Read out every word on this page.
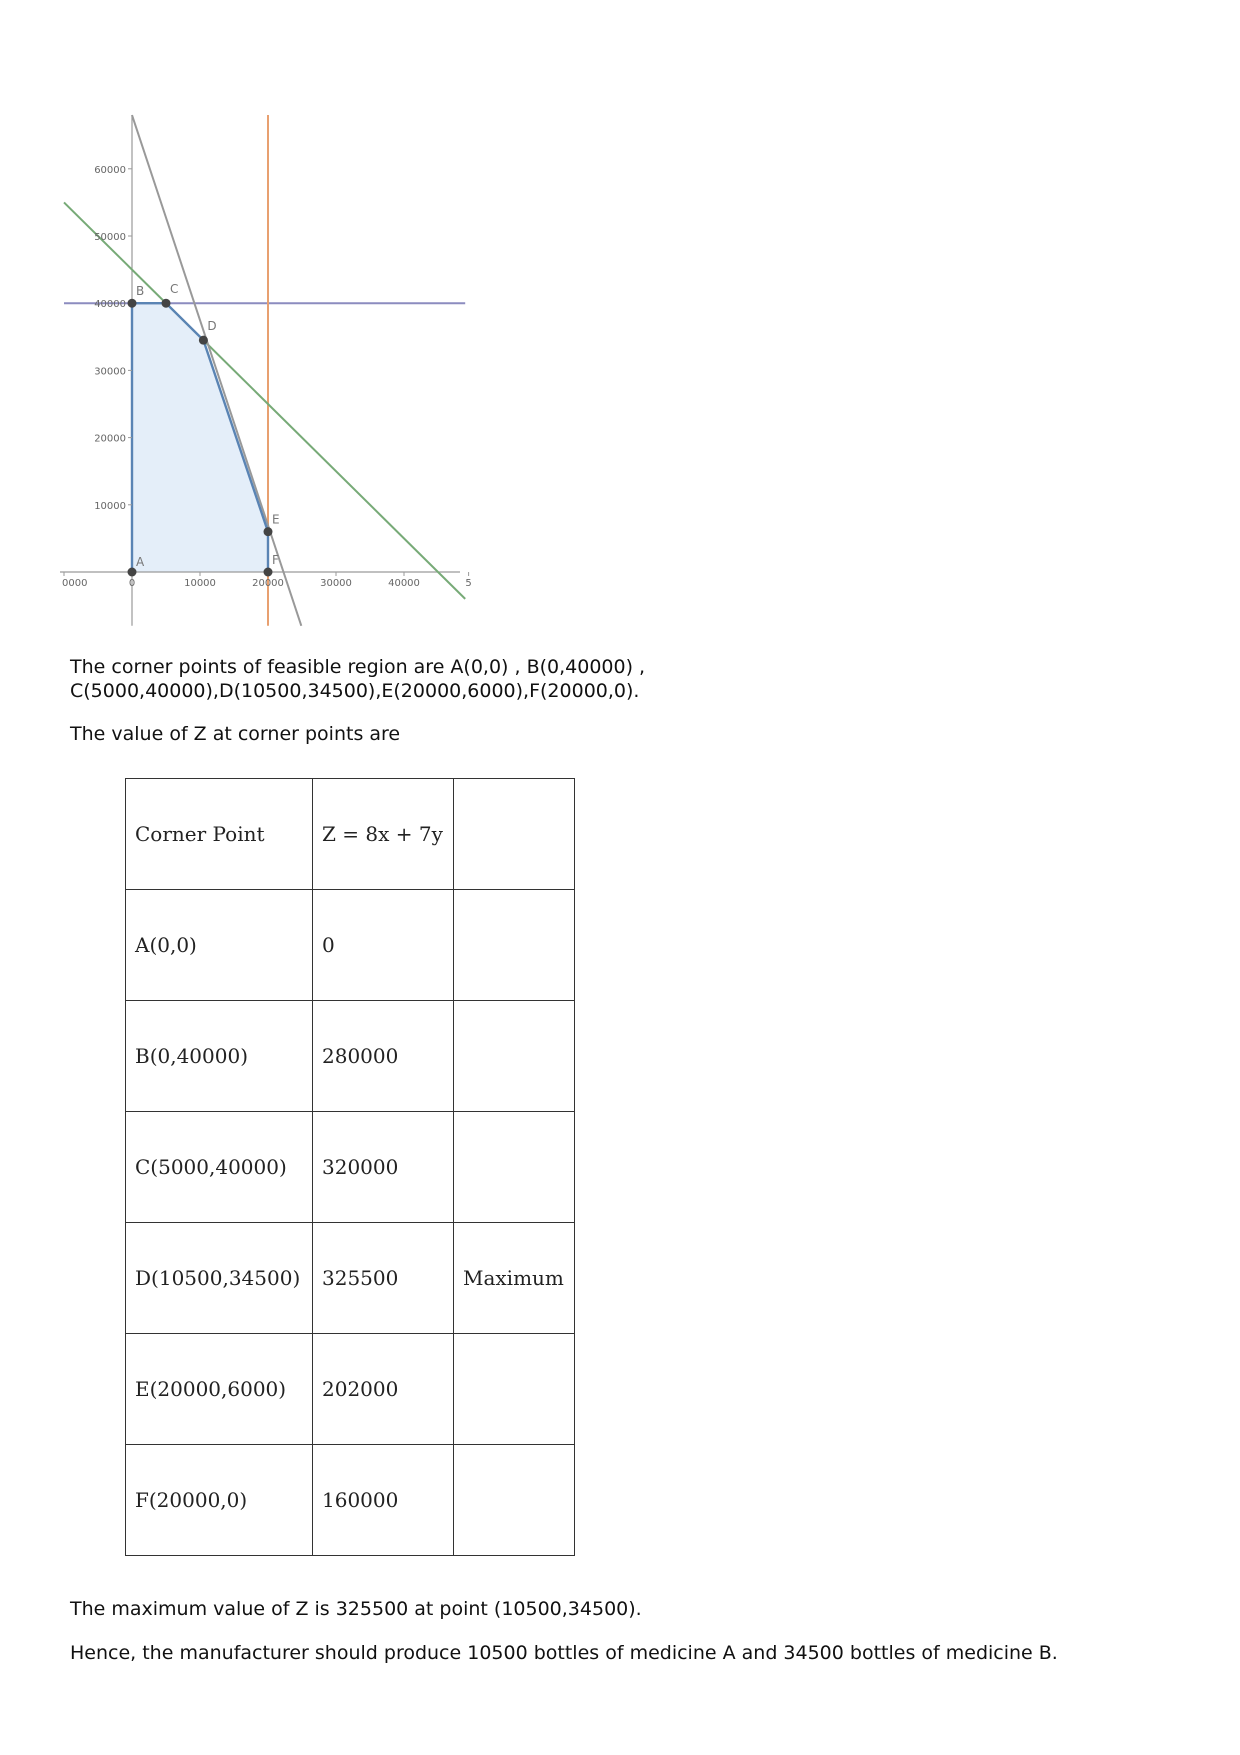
0000	0	10000	20000	30000	40000	5
10000
20000
30000
40000
50000
60000
A
B C
D
E
F

The corner points of feasible region are A(0,0) , B(0,40000) , C(5000,40000),D(10500,34500),E(20000,6000),F(20000,0).

The value of Z at corner points are

Corner Point	Z = 8x + 7y	
A(0,0)	0	
B(0,40000)	280000	
C(5000,40000)	320000	
D(10500,34500)	325500	Maximum
E(20000,6000)	202000	
F(20000,0)	160000	

The maximum value of Z is 325500 at point (10500,34500).

Hence, the manufacturer should produce 10500 bottles of medicine A and 34500 bottles of medicine B.
